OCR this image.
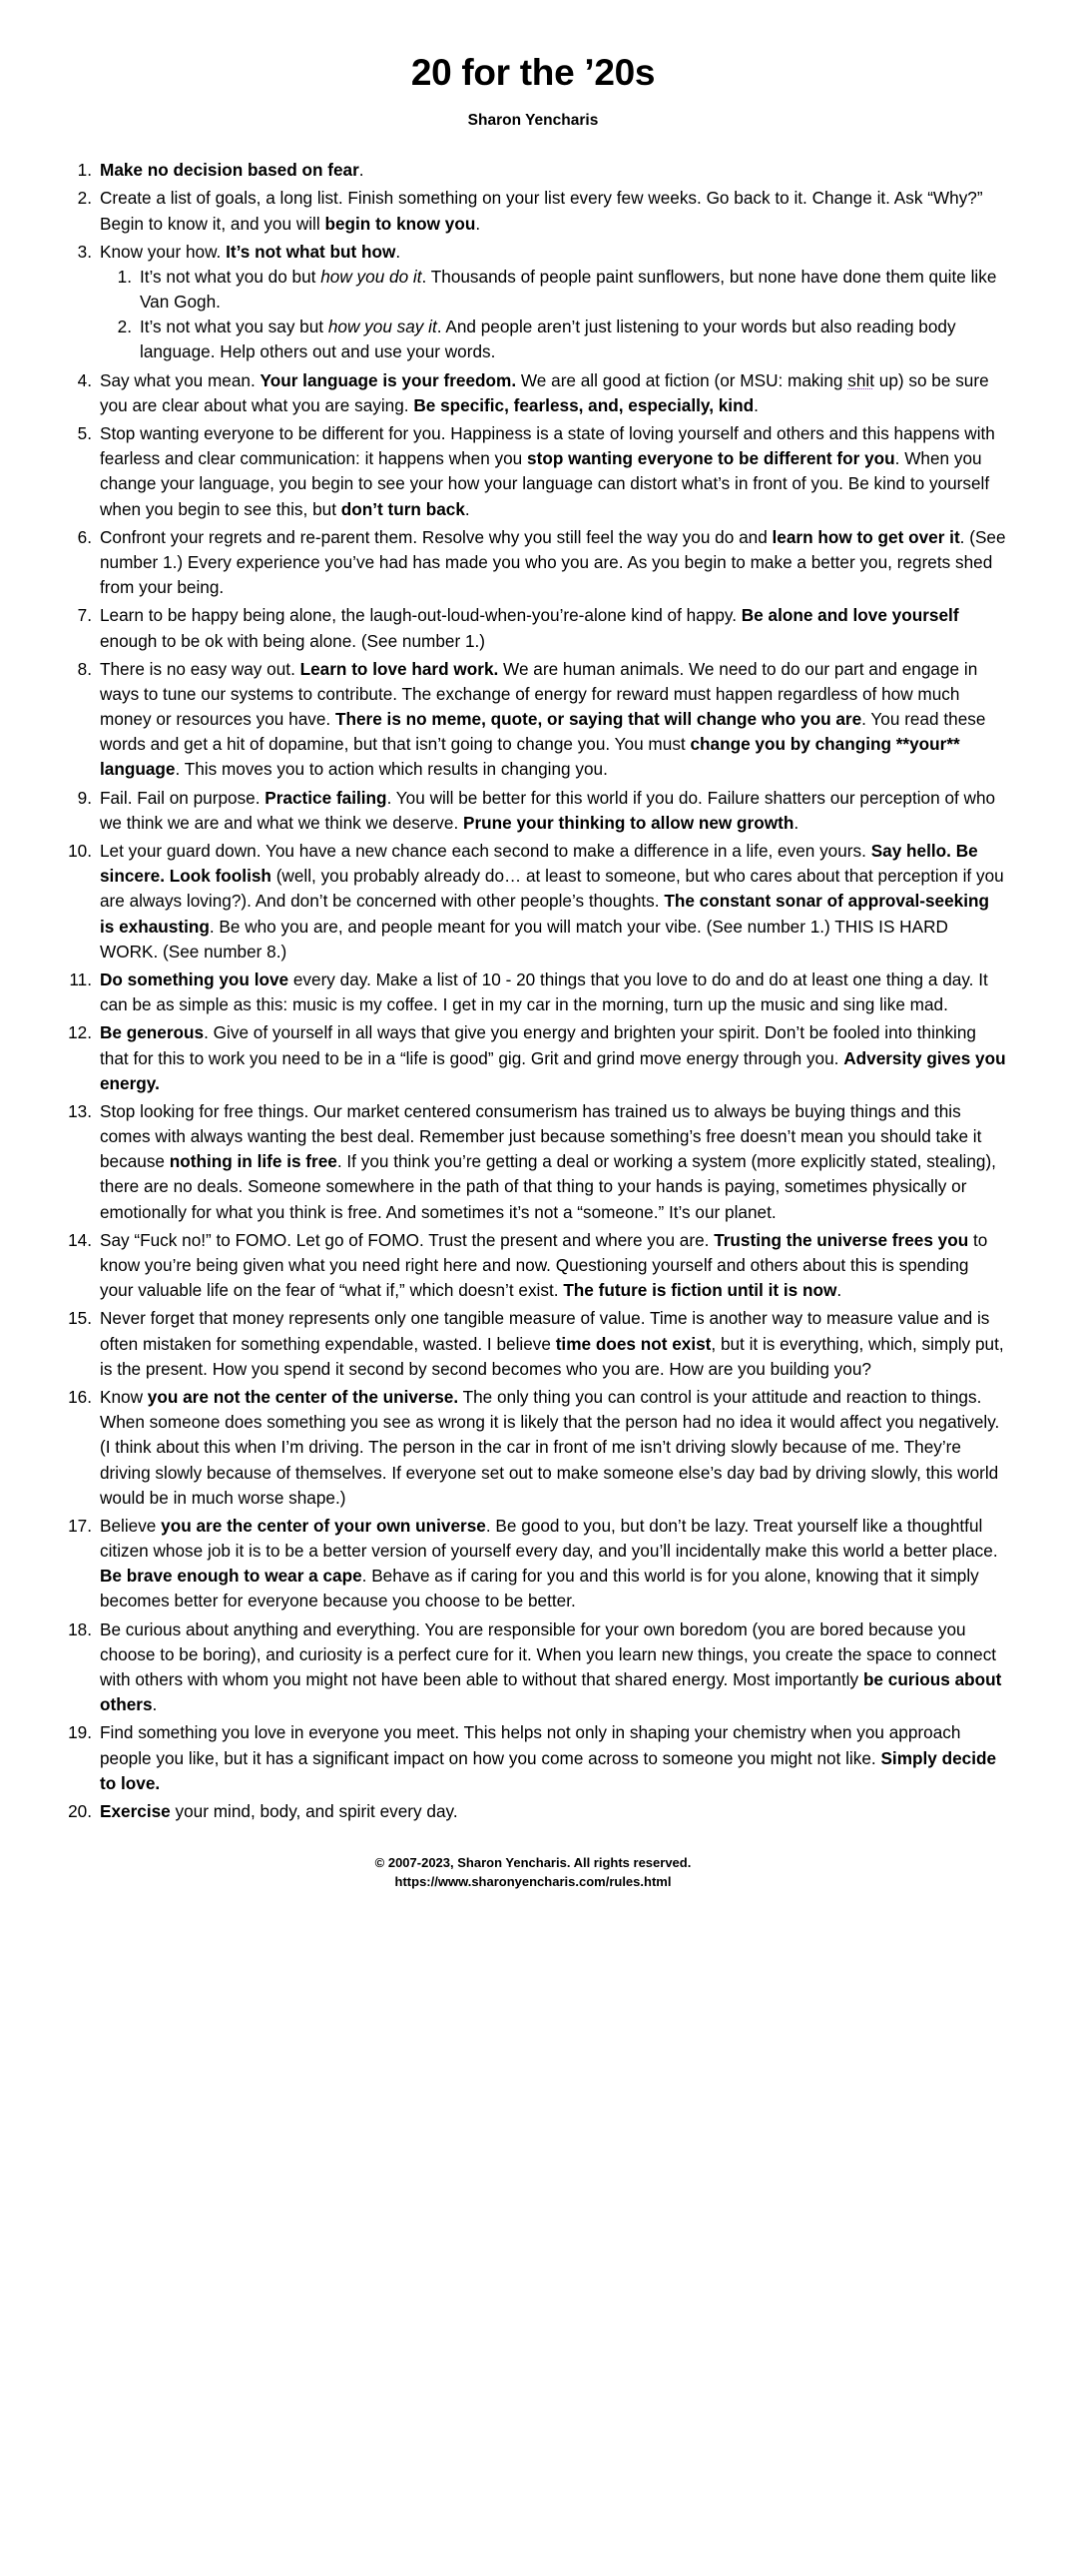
20 for the ’20s
Sharon Yencharis
Make no decision based on fear.
Create a list of goals, a long list. Finish something on your list every few weeks. Go back to it. Change it. Ask “Why?” Begin to know it, and you will begin to know you.
Know your how. It’s not what but how.
It’s not what you do but how you do it. Thousands of people paint sunflowers, but none have done them quite like Van Gogh.
It’s not what you say but how you say it. And people aren’t just listening to your words but also reading body language. Help others out and use your words.
Say what you mean. Your language is your freedom. We are all good at fiction (or MSU: making shit up) so be sure you are clear about what you are saying. Be specific, fearless, and, especially, kind.
Stop wanting everyone to be different for you. Happiness is a state of loving yourself and others and this happens with fearless and clear communication: it happens when you stop wanting everyone to be different for you. When you change your language, you begin to see your how your language can distort what’s in front of you. Be kind to yourself when you begin to see this, but don’t turn back.
Confront your regrets and re-parent them. Resolve why you still feel the way you do and learn how to get over it. (See number 1.) Every experience you’ve had has made you who you are. As you begin to make a better you, regrets shed from your being.
Learn to be happy being alone, the laugh-out-loud-when-you’re-alone kind of happy. Be alone and love yourself enough to be ok with being alone. (See number 1.)
There is no easy way out. Learn to love hard work. We are human animals. We need to do our part and engage in ways to tune our systems to contribute. The exchange of energy for reward must happen regardless of how much money or resources you have. There is no meme, quote, or saying that will change who you are. You read these words and get a hit of dopamine, but that isn’t going to change you. You must change you by changing **your** language. This moves you to action which results in changing you.
Fail. Fail on purpose. Practice failing. You will be better for this world if you do. Failure shatters our perception of who we think we are and what we think we deserve. Prune your thinking to allow new growth.
Let your guard down. You have a new chance each second to make a difference in a life, even yours. Say hello. Be sincere. Look foolish (well, you probably already do… at least to someone, but who cares about that perception if you are always loving?). And don’t be concerned with other people’s thoughts. The constant sonar of approval-seeking is exhausting. Be who you are, and people meant for you will match your vibe. (See number 1.) THIS IS HARD WORK. (See number 8.)
Do something you love every day. Make a list of 10 - 20 things that you love to do and do at least one thing a day. It can be as simple as this: music is my coffee. I get in my car in the morning, turn up the music and sing like mad.
Be generous. Give of yourself in all ways that give you energy and brighten your spirit. Don’t be fooled into thinking that for this to work you need to be in a “life is good” gig. Grit and grind move energy through you. Adversity gives you energy.
Stop looking for free things. Our market centered consumerism has trained us to always be buying things and this comes with always wanting the best deal. Remember just because something’s free doesn’t mean you should take it because nothing in life is free. If you think you’re getting a deal or working a system (more explicitly stated, stealing), there are no deals. Someone somewhere in the path of that thing to your hands is paying, sometimes physically or emotionally for what you think is free. And sometimes it’s not a “someone.” It’s our planet.
Say “Fuck no!” to FOMO. Let go of FOMO. Trust the present and where you are. Trusting the universe frees you to know you’re being given what you need right here and now. Questioning yourself and others about this is spending your valuable life on the fear of “what if,” which doesn’t exist. The future is fiction until it is now.
Never forget that money represents only one tangible measure of value. Time is another way to measure value and is often mistaken for something expendable, wasted. I believe time does not exist, but it is everything, which, simply put, is the present. How you spend it second by second becomes who you are. How are you building you?
Know you are not the center of the universe. The only thing you can control is your attitude and reaction to things. When someone does something you see as wrong it is likely that the person had no idea it would affect you negatively. (I think about this when I’m driving. The person in the car in front of me isn’t driving slowly because of me. They’re driving slowly because of themselves. If everyone set out to make someone else’s day bad by driving slowly, this world would be in much worse shape.)
Believe you are the center of your own universe. Be good to you, but don’t be lazy. Treat yourself like a thoughtful citizen whose job it is to be a better version of yourself every day, and you’ll incidentally make this world a better place. Be brave enough to wear a cape. Behave as if caring for you and this world is for you alone, knowing that it simply becomes better for everyone because you choose to be better.
Be curious about anything and everything. You are responsible for your own boredom (you are bored because you choose to be boring), and curiosity is a perfect cure for it. When you learn new things, you create the space to connect with others with whom you might not have been able to without that shared energy. Most importantly be curious about others.
Find something you love in everyone you meet. This helps not only in shaping your chemistry when you approach people you like, but it has a significant impact on how you come across to someone you might not like. Simply decide to love.
Exercise your mind, body, and spirit every day.
© 2007-2023, Sharon Yencharis. All rights reserved.
https://www.sharonyencharis.com/rules.html
